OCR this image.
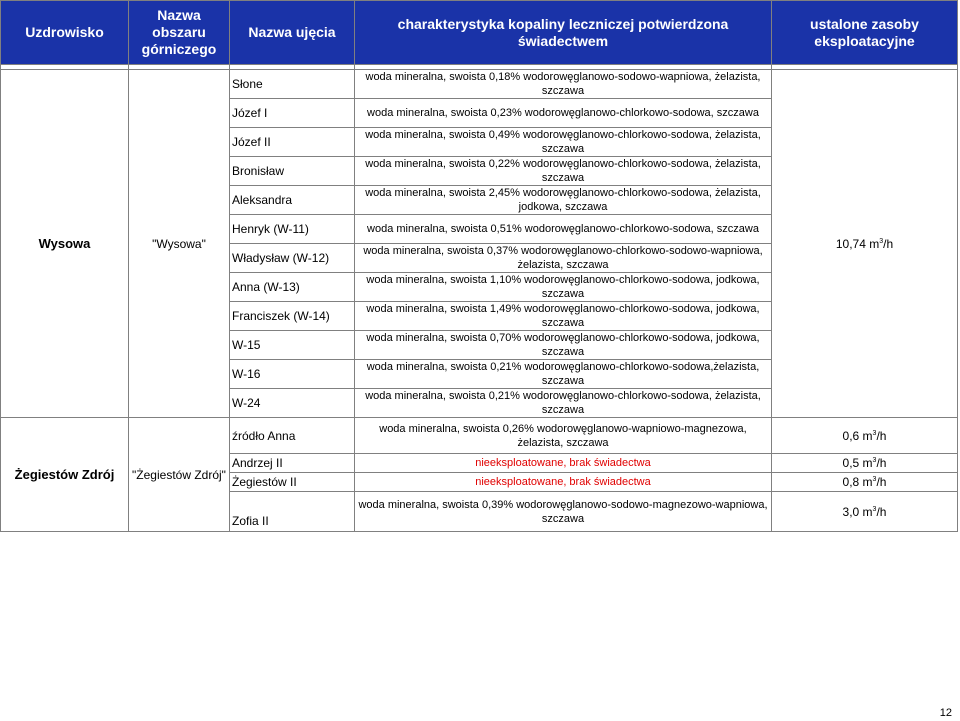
Uzdrowisko	Nazwa obszaru górniczego	Nazwa ujęcia	charakterystyka kopaliny leczniczej potwierdzona świadectwem	ustalone zasoby eksploatacyjne

Wysowa	"Wysowa"	Słone	woda mineralna, swoista 0,18% wodorowęglanowo-sodowo-wapniowa, żelazista, szczawa	10,74 $m^3/h$
		Józef I	woda mineralna, swoista 0,23% wodorowęglanowo-chlorkowo-sodowa, szczawa	
		Józef II	woda mineralna, swoista 0,49% wodorowęglanowo-chlorkowo-sodowa, żelazista, szczawa	
		Bronisław	woda mineralna, swoista 0,22% wodorowęglanowo-chlorkowo-sodowa, żelazista, szczawa	
		Aleksandra	woda mineralna, swoista 2,45% wodorowęglanowo-chlorkowo-sodowa, żelazista, jodkowa, szczawa	
		Henryk (W-11)	woda mineralna, swoista 0,51% wodorowęglanowo-chlorkowo-sodowa, szczawa	
		Władysław (W-12)	woda mineralna, swoista 0,37% wodorowęglanowo-chlorkowo-sodowo-wapniowa, żelazista, szczawa	
		Anna (W-13)	woda mineralna, swoista 1,10% wodorowęglanowo-chlorkowo-sodowa, jodkowa, szczawa	
		Franciszek (W-14)	woda mineralna, swoista 1,49% wodorowęglanowo-chlorkowo-sodowa, jodkowa, szczawa	
		W-15	woda mineralna, swoista 0,70% wodorowęglanowo-chlorkowo-sodowa, jodkowa, szczawa	
		W-16	woda mineralna, swoista 0,21% wodorowęglanowo-chlorkowo-sodowa,żelazista, szczawa	
		W-24	woda mineralna, swoista 0,21% wodorowęglanowo-chlorkowo-sodowa, żelazista, szczawa	
Żegiestów Zdrój	"Żegiestów Zdrój"	źródło Anna	woda mineralna, swoista 0,26% wodorowęglanowo-wapniowo-magnezowa, żelazista, szczawa	0,6 $m^3/h$
		Andrzej II	nieeksploatowane, brak świadectwa	0,5 $m^3/h$
		Żegiestów II	nieeksploatowane, brak świadectwa	0,8 $m^3/h$
		Zofia II	woda mineralna, swoista 0,39% wodorowęglanowo-sodowo-magnezowo-wapniowa, szczawa	3,0 $m^3/h$
12
